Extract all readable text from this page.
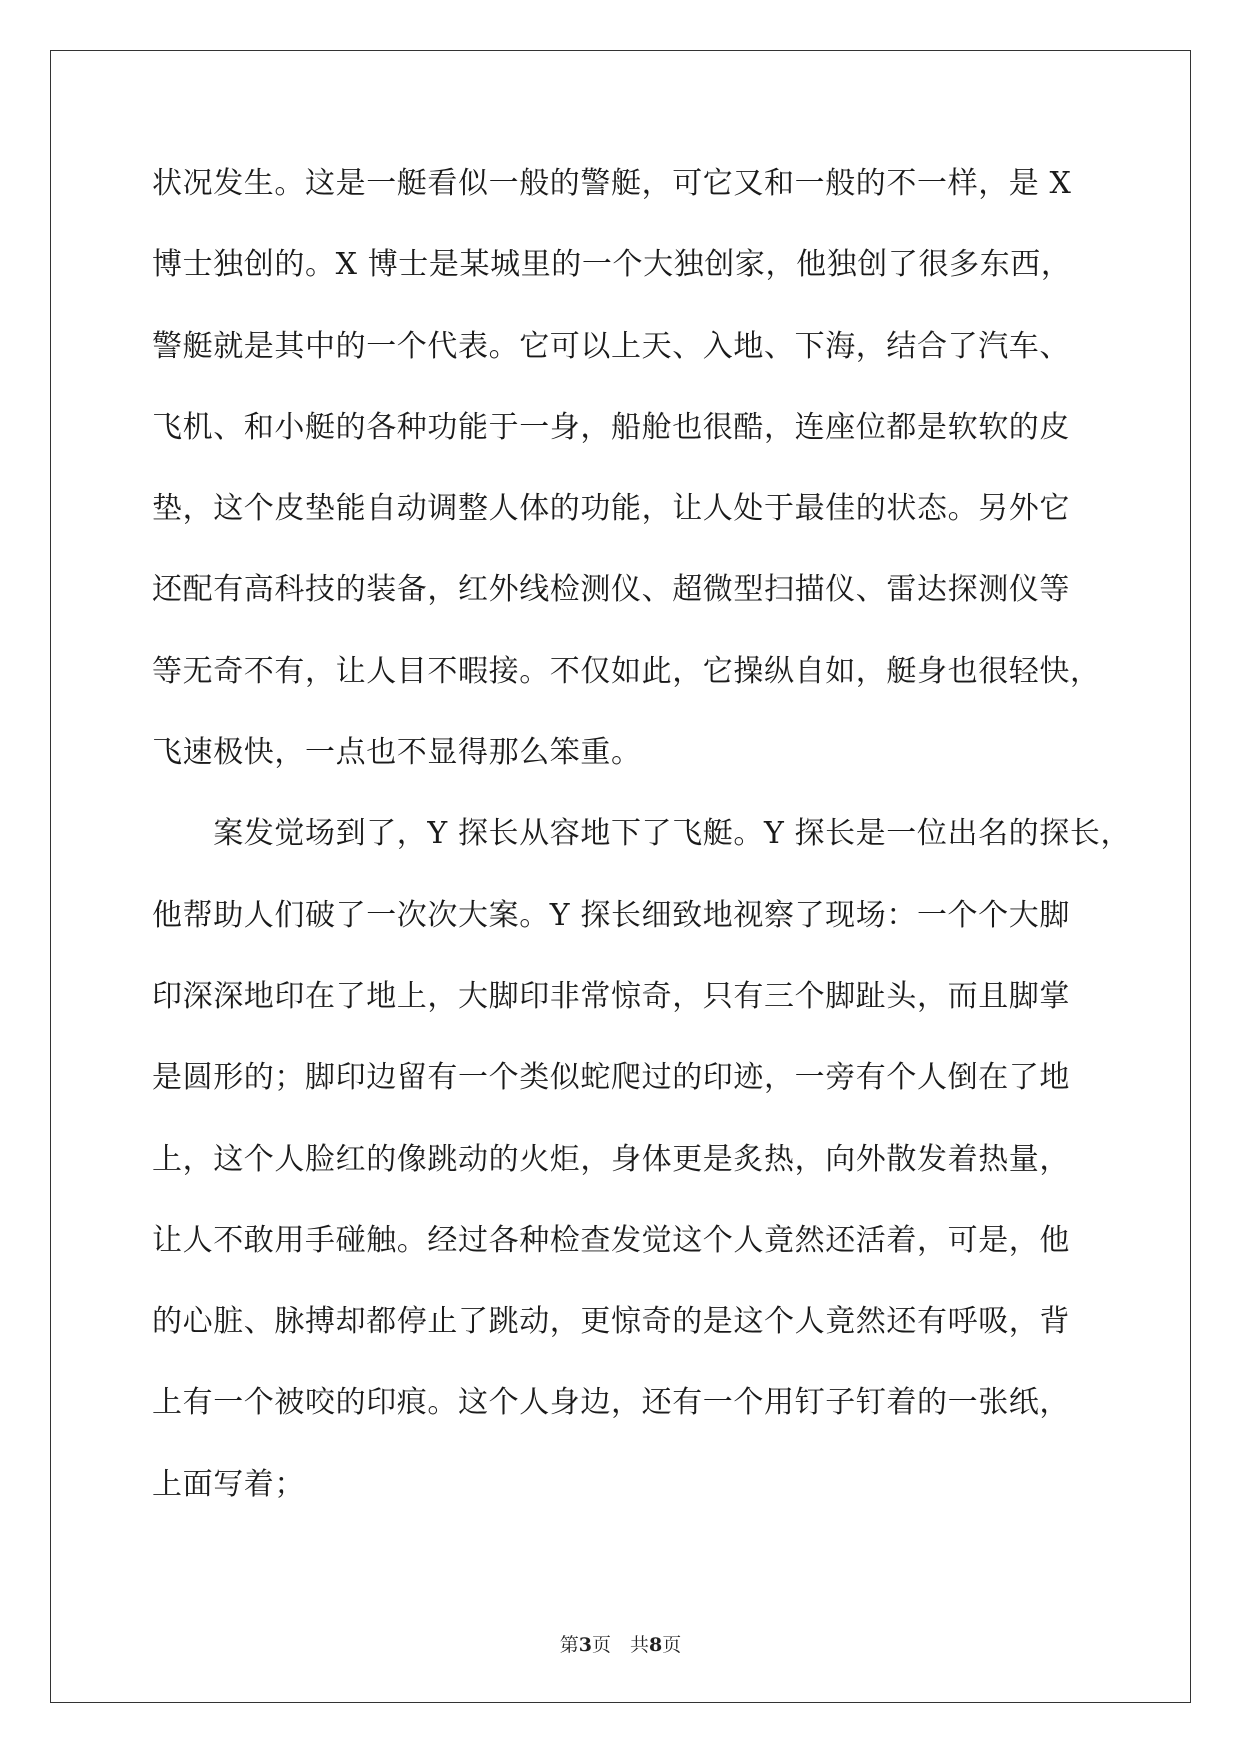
状况发生。这是一艇看似一般的警艇，可它又和一般的不一样，是 X
博士独创的。X 博士是某城里的一个大独创家，他独创了很多东西，
警艇就是其中的一个代表。它可以上天、入地、下海，结合了汽车、
飞机、和小艇的各种功能于一身，船舱也很酷，连座位都是软软的皮
垫，这个皮垫能自动调整人体的功能，让人处于最佳的状态。另外它
还配有高科技的装备，红外线检测仪、超微型扫描仪、雷达探测仪等
等无奇不有，让人目不暇接。不仅如此，它操纵自如，艇身也很轻快，
飞速极快，一点也不显得那么笨重。
　　案发觉场到了，Y 探长从容地下了飞艇。Y 探长是一位出名的探长，
他帮助人们破了一次次大案。Y 探长细致地视察了现场：一个个大脚
印深深地印在了地上，大脚印非常惊奇，只有三个脚趾头，而且脚掌
是圆形的；脚印边留有一个类似蛇爬过的印迹，一旁有个人倒在了地
上，这个人脸红的像跳动的火炬，身体更是炙热，向外散发着热量，
让人不敢用手碰触。经过各种检查发觉这个人竟然还活着，可是，他
的心脏、脉搏却都停止了跳动，更惊奇的是这个人竟然还有呼吸，背
上有一个被咬的印痕。这个人身边，还有一个用钉子钉着的一张纸，
上面写着；
第3页　共8页
